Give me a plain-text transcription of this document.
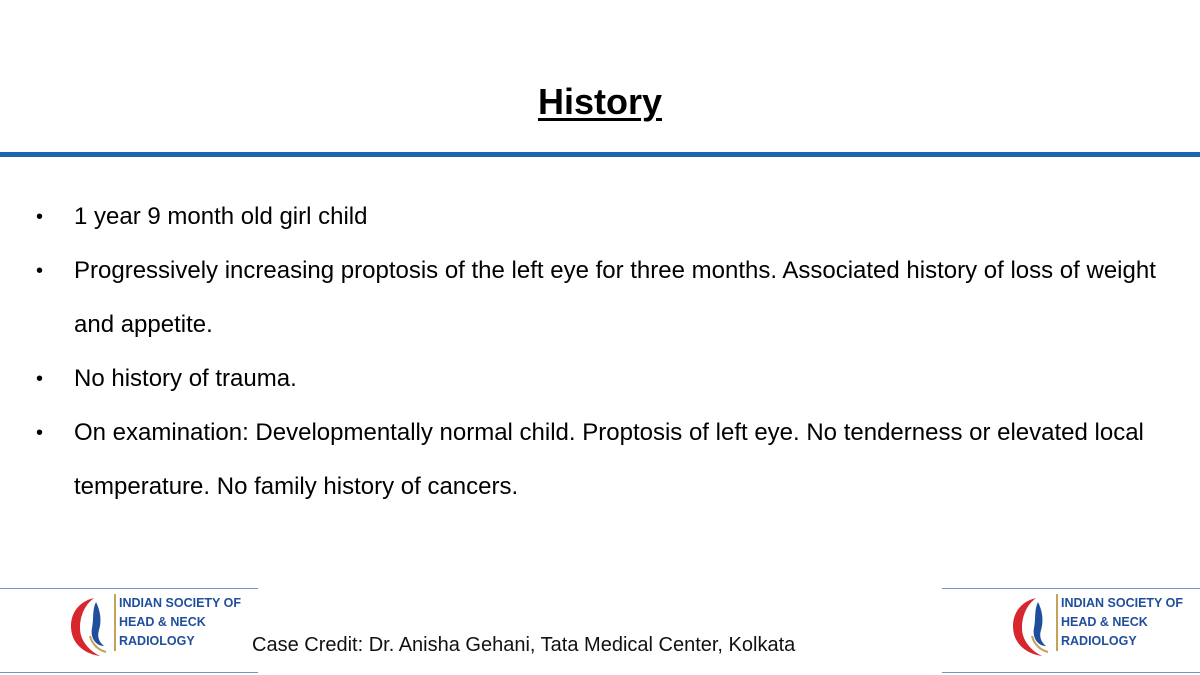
History
•	1 year 9 month old girl child
•	Progressively increasing proptosis of the left eye for three months. Associated history of loss of weight and appetite.
•	No history of trauma.
•	On examination: Developmentally normal child. Proptosis of left eye. No tenderness or elevated local temperature. No family history of cancers.
INDIAN SOCIETY OF
HEAD & NECK
RADIOLOGY	Case Credit: Dr. Anisha Gehani, Tata Medical Center, Kolkata
INDIAN SOCIETY OF
HEAD & NECK
RADIOLOGY
